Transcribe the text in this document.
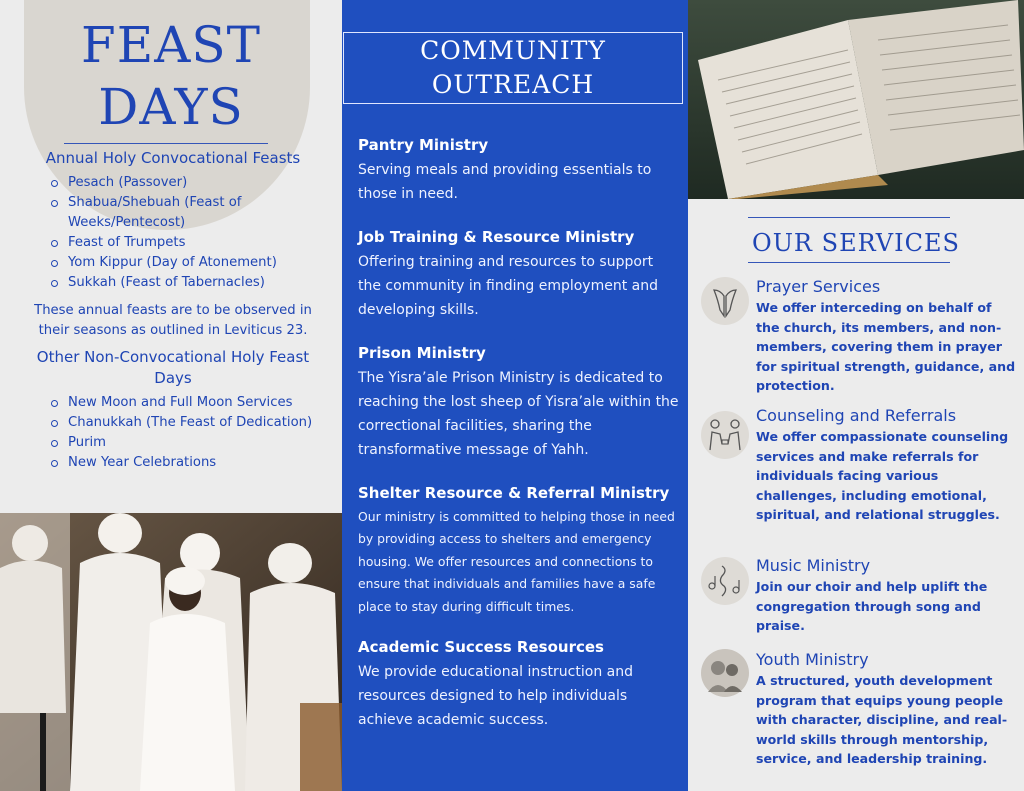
FEAST
DAYS
Annual Holy Convocational Feasts
Pesach (Passover)
Shabua/Shebuah (Feast of Weeks/Pentecost)
Feast of Trumpets
Yom Kippur (Day of Atonement)
Sukkah (Feast of Tabernacles)

These annual feasts are to be observed in their seasons as outlined in Leviticus 23.

Other Non-Convocational Holy Feast Days
New Moon and Full Moon Services
Chanukkah (The Feast of Dedication)
Purim
New Year Celebrations
COMMUNITY
OUTREACH
Pantry Ministry
Serving meals and providing essentials to those in need.
Job Training & Resource Ministry
Offering training and resources to support the community in finding employment and developing skills.
Prison Ministry
The Yisra’ale Prison Ministry is dedicated to reaching the lost sheep of Yisra’ale within the correctional facilities, sharing the transformative message of Yahh.
Shelter Resource & Referral Ministry
Our ministry is committed to helping those in need by providing access to shelters and emergency housing. We offer resources and connections to ensure that individuals and families have a safe place to stay during difficult times.
Academic Success Resources
We provide educational instruction and resources designed to help individuals achieve academic success.
OUR SERVICES
Prayer Services
We offer interceding on behalf of the church, its members, and non-members, covering them in prayer for spiritual strength, guidance, and protection.
Counseling and Referrals
We offer compassionate counseling services and make referrals for individuals facing various challenges, including emotional, spiritual, and relational struggles.
Music Ministry
Join our choir and help uplift the congregation through song and praise.
Youth Ministry
A structured, youth development program that equips young people with character, discipline, and real-world skills through mentorship, service, and leadership training.
